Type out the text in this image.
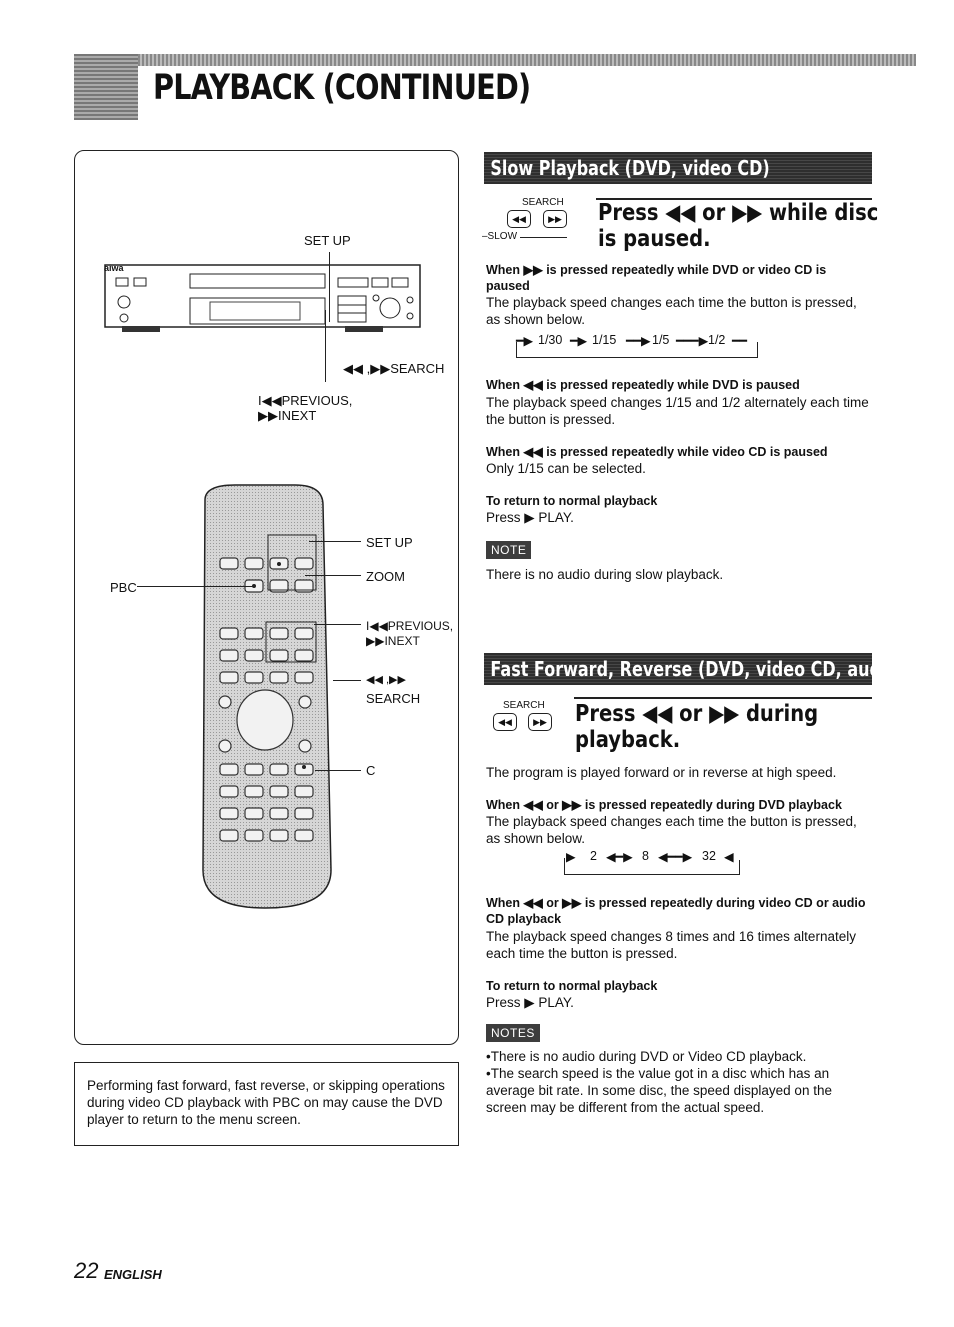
PLAYBACK (CONTINUED)
aiwa
SET UP
◀◀ ,▶▶SEARCH
I◀◀PREVIOUS,
▶▶INEXT
SET UP
ZOOM
PBC
I◀◀PREVIOUS,
▶▶INEXT
◀◀ ,▶▶
SEARCH
C

Performing fast forward, fast reverse, or skipping operations during video CD playback with PBC on may cause the DVD player to return to the menu screen.

Slow Playback (DVD, video CD)
SEARCH
◀◀	▶▶
–SLOW
Press ◀◀ or ▶▶ while disc
is paused.
When ▶▶ is pressed repeatedly while DVD or video CD is paused
The playback speed changes each time the button is pressed, as shown below.
━▶ 1/30 ━▶ 1/15 ━━▶ 1/5 ━━━▶ 1/2 ━━
When ◀◀ is pressed repeatedly while DVD is paused
The playback speed changes 1/15 and 1/2 alternately each time the button is pressed.
When ◀◀ is pressed repeatedly while video CD is paused
Only 1/15 can be selected.
To return to normal playback
Press ▶ PLAY.
NOTE
There is no audio during slow playback.
Fast Forward, Reverse (DVD, video CD, audio CD)
SEARCH
◀◀	▶▶ Press ◀◀ or ▶▶ during
playback.
The program is played forward or in reverse at high speed.
When ◀◀ or ▶▶ is pressed repeatedly during DVD playback
The playback speed changes each time the button is pressed, as shown below.
▶ 2 ◀━▶ 8 ◀━━▶ 32 ◀
When ◀◀ or ▶▶ is pressed repeatedly during video CD or audio CD playback
The playback speed changes 8 times and 16 times alternately each time the button is pressed.
To return to normal playback
Press ▶ PLAY.
NOTES
•There is no audio during DVD or Video CD playback.
•The search speed is the value got in a disc which has an average bit rate. In some disc, the speed displayed on the screen may be different from the actual speed.
22 ENGLISH
